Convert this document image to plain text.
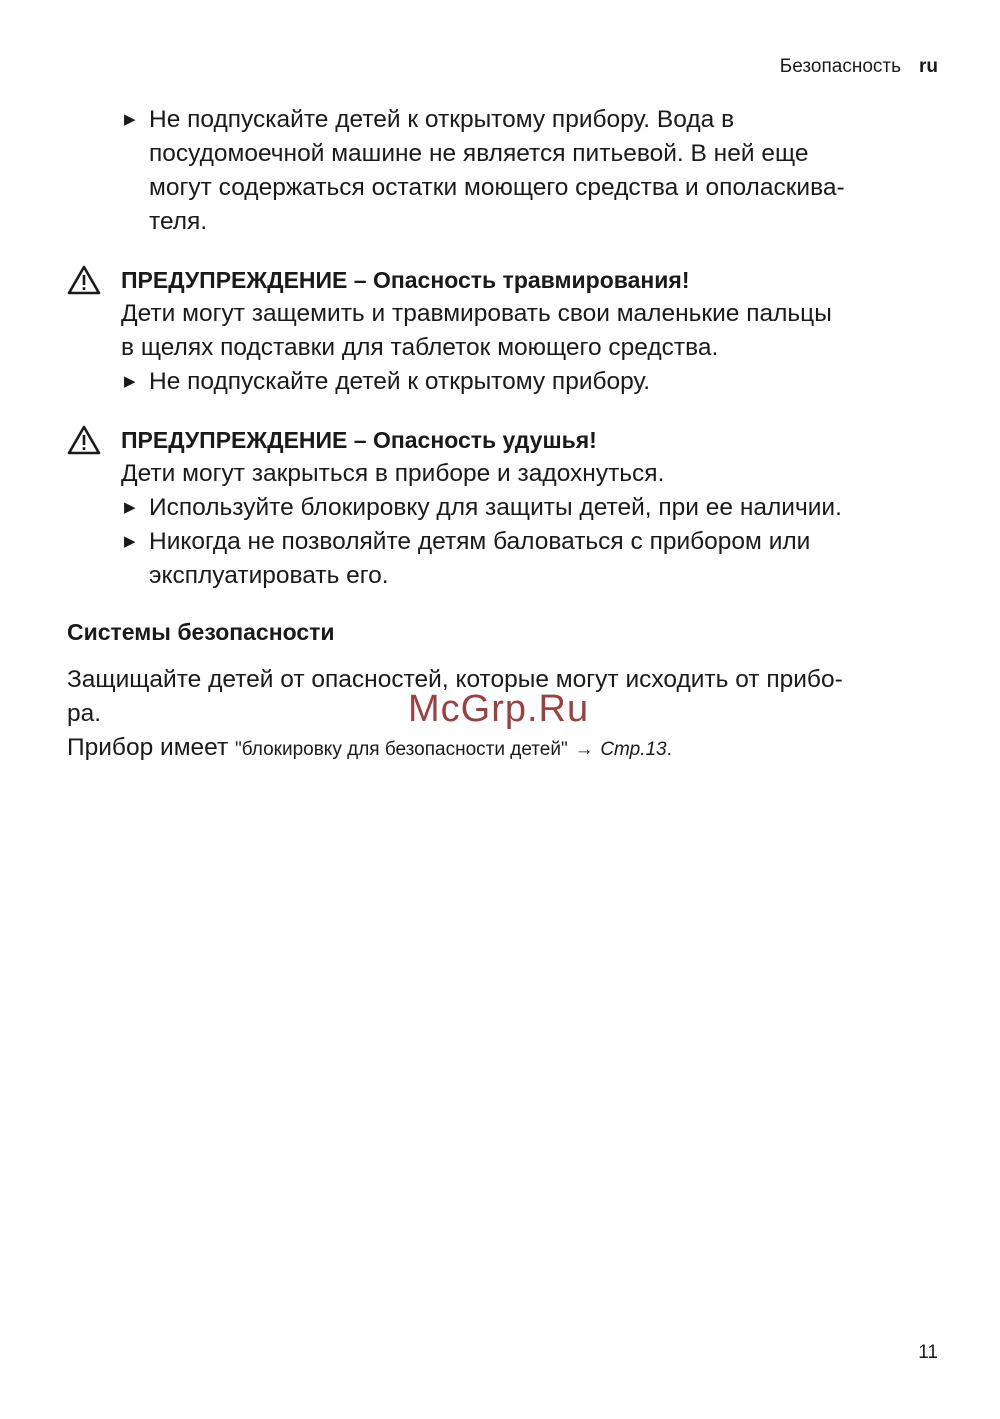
Безопасность ru
▶ Не подпускайте детей к открытому прибору. Вода в
посудомоечной машине не является питьевой. В ней еще
могут содержаться остатки моющего средства и ополаскива-
теля.
ПРЕДУПРЕЖДЕНИЕ – Опасность травмирования!
Дети могут защемить и травмировать свои маленькие пальцы
в щелях подставки для таблеток моющего средства.
▶ Не подпускайте детей к открытому прибору.
ПРЕДУПРЕЖДЕНИЕ – Опасность удушья!
Дети могут закрыться в приборе и задохнуться.
▶ Используйте блокировку для защиты детей, при ее наличии.
▶ Никогда не позволяйте детям баловаться с прибором или
эксплуатировать его.
Системы безопасности
Защищайте детей от опасностей, которые могут исходить от прибо-
ра.
Прибор имеет "блокировку для безопасности детей" → Стр.13.
McGrp.Ru
11
